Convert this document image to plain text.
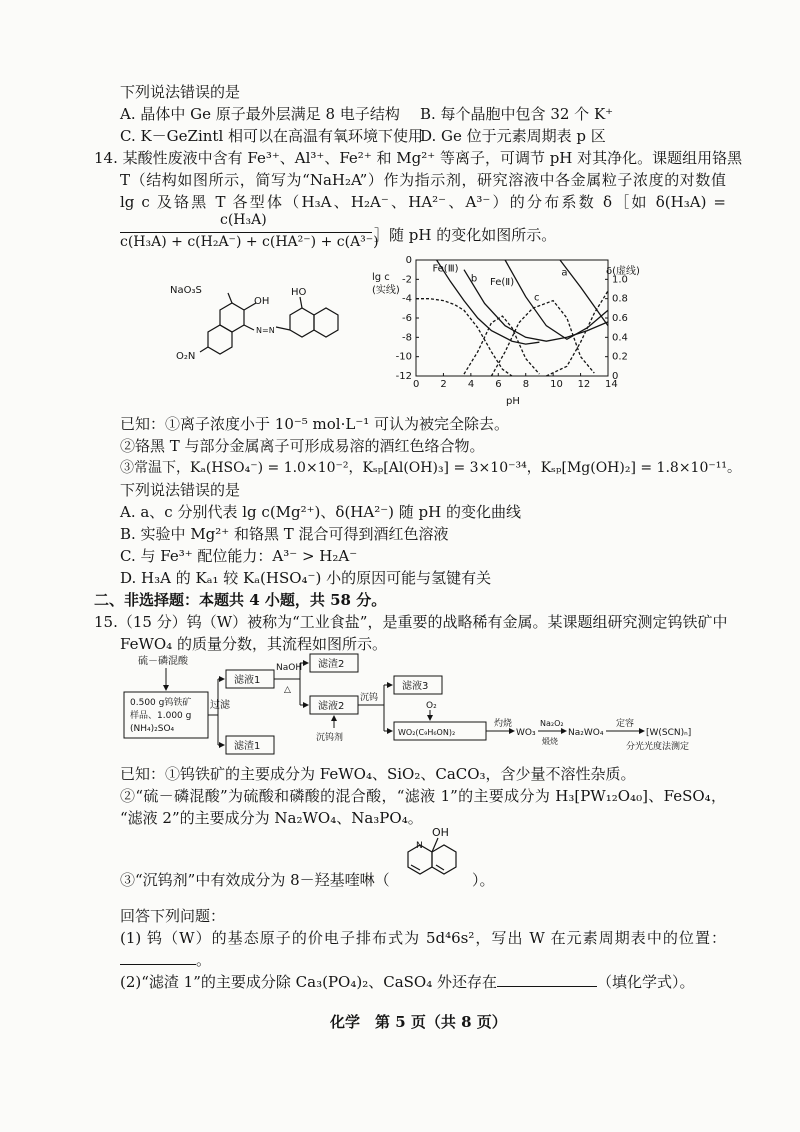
下列说法错误的是
A. 晶体中 Ge 原子最外层满足 8 电子结构 B. 每个晶胞中包含 32 个 K⁺
C. K－GeZintl 相可以在高温有氧环境下使用
D. Ge 位于元素周期表 p 区
14. 某酸性废液中含有 Fe³⁺、Al³⁺、Fe²⁺ 和 Mg²⁺ 等离子，可调节 pH 对其净化。课题组用铬黑
T（结构如图所示，简写为“NaH₂A”）作为指示剂，研究溶液中各金属粒子浓度的对数值
lg c 及铬黑 T 各型体（H₃A、H₂A⁻、HA²⁻、A³⁻）的分布系数 δ［如 δ(H₃A) =
c(H₃A)
c(H₃A) + c(H₂A⁻) + c(HA²⁻) + c(A³⁻)
］随 pH 的变化如图所示。
NaO₃S
OH
N=N
HO
O₂N
lg c
(实线)
δ(虚线)
pH
0 2 4 6 8 10 12 14
0
-2
-4
-6
-8
-10
-12	0
0.2
0.4
0.6
0.8
1.0
Fe(Ⅲ)
b Fe(Ⅱ)
a
c
已知：①离子浓度小于 10⁻⁵ mol·L⁻¹ 可认为被完全除去。
②铬黑 T 与部分金属离子可形成易溶的酒红色络合物。
③常温下，Kₐ(HSO₄⁻) = 1.0×10⁻²，Kₛₚ[Al(OH)₃] = 3×10⁻³⁴，Kₛₚ[Mg(OH)₂] = 1.8×10⁻¹¹。
下列说法错误的是
A. a、c 分别代表 lg c(Mg²⁺)、δ(HA²⁻) 随 pH 的变化曲线
B. 实验中 Mg²⁺ 和铬黑 T 混合可得到酒红色溶液
C. 与 Fe³⁺ 配位能力：A³⁻ > H₂A⁻
D. H₃A 的 Kₐ₁ 较 Kₐ(HSO₄⁻) 小的原因可能与氢键有关
二、非选择题：本题共 4 小题，共 58 分。
15.（15 分）钨（W）被称为“工业食盐”，是重要的战略稀有金属。某课题组研究测定钨铁矿中
FeWO₄ 的质量分数，其流程如图所示。
硫－磷混酸
0.500 g钨铁矿
样品、1.000 g
(NH₄)₂SO₄
过滤
滤液1
滤渣1
NaOH
△
滤渣2
滤液2
沉钨剂
沉钨
滤液3
O₂
WO₂(C₉H₆ON)₂
灼烧
WO₃
Na₂O₂
煅烧
Na₂WO₄
定容
[W(SCN)ₙ]
分光光度法测定
已知：①钨铁矿的主要成分为 FeWO₄、SiO₂、CaCO₃，含少量不溶性杂质。
②“硫－磷混酸”为硫酸和磷酸的混合酸，“滤液 1”的主要成分为 H₃[PW₁₂O₄₀]、FeSO₄，
“滤液 2”的主要成分为 Na₂WO₄、Na₃PO₄。
③“沉钨剂”中有效成分为 8－羟基喹啉（
OH
N
）。
回答下列问题：
(1) 钨（W）的基态原子的价电子排布式为 5d⁴6s²，写出 W 在元素周期表中的位置：
。
(2)“滤渣 1”的主要成分除 Ca₃(PO₄)₂、CaSO₄ 外还存在	（填化学式）。
化学　第 5 页（共 8 页）
